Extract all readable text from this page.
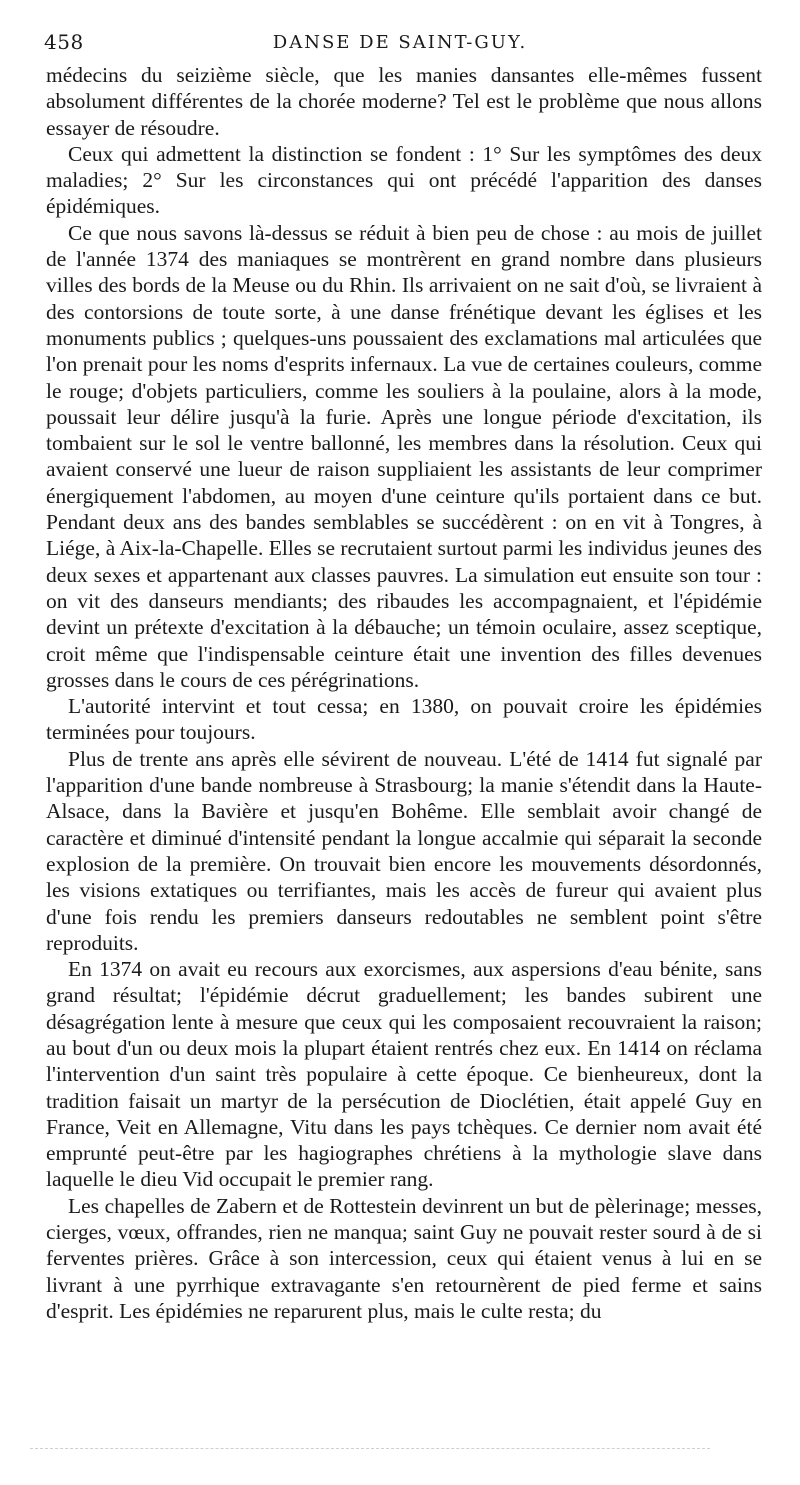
458	DANSE DE SAINT-GUY.

médecins du seizième siècle, que les manies dansantes elle-mêmes fussent absolument différentes de la chorée moderne? Tel est le problème que nous allons essayer de résoudre.

Ceux qui admettent la distinction se fondent : 1° Sur les symptômes des deux maladies; 2° Sur les circonstances qui ont précédé l'apparition des danses épidémiques.

Ce que nous savons là-dessus se réduit à bien peu de chose : au mois de juillet de l'année 1374 des maniaques se montrèrent en grand nombre dans plusieurs villes des bords de la Meuse ou du Rhin. Ils arrivaient on ne sait d'où, se livraient à des contorsions de toute sorte, à une danse frénétique devant les églises et les monuments publics ; quelques-uns poussaient des exclamations mal articulées que l'on prenait pour les noms d'esprits infernaux. La vue de certaines couleurs, comme le rouge; d'objets particuliers, comme les souliers à la poulaine, alors à la mode, poussait leur délire jusqu'à la furie. Après une longue période d'excitation, ils tombaient sur le sol le ventre ballonné, les membres dans la résolution. Ceux qui avaient conservé une lueur de raison suppliaient les assistants de leur comprimer énergiquement l'abdomen, au moyen d'une ceinture qu'ils portaient dans ce but. Pendant deux ans des bandes semblables se succédèrent : on en vit à Tongres, à Liége, à Aix-la-Chapelle. Elles se recrutaient surtout parmi les individus jeunes des deux sexes et appartenant aux classes pauvres. La simulation eut ensuite son tour : on vit des danseurs mendiants; des ribaudes les accompagnaient, et l'épidémie devint un prétexte d'excitation à la débauche; un témoin oculaire, assez sceptique, croit même que l'indispensable ceinture était une invention des filles devenues grosses dans le cours de ces pérégrinations.

L'autorité intervint et tout cessa; en 1380, on pouvait croire les épidémies terminées pour toujours.

Plus de trente ans après elle sévirent de nouveau. L'été de 1414 fut signalé par l'apparition d'une bande nombreuse à Strasbourg; la manie s'étendit dans la Haute-Alsace, dans la Bavière et jusqu'en Bohême. Elle semblait avoir changé de caractère et diminué d'intensité pendant la longue accalmie qui séparait la seconde explosion de la première. On trouvait bien encore les mouvements désordonnés, les visions extatiques ou terrifiantes, mais les accès de fureur qui avaient plus d'une fois rendu les premiers danseurs redoutables ne semblent point s'être reproduits.

En 1374 on avait eu recours aux exorcismes, aux aspersions d'eau bénite, sans grand résultat; l'épidémie décrut graduellement; les bandes subirent une désagrégation lente à mesure que ceux qui les composaient recouvraient la raison; au bout d'un ou deux mois la plupart étaient rentrés chez eux. En 1414 on réclama l'intervention d'un saint très populaire à cette époque. Ce bienheureux, dont la tradition faisait un martyr de la persécution de Dioclétien, était appelé Guy en France, Veit en Allemagne, Vitu dans les pays tchèques. Ce dernier nom avait été emprunté peut-être par les hagiographes chrétiens à la mythologie slave dans laquelle le dieu Vid occupait le premier rang.

Les chapelles de Zabern et de Rottestein devinrent un but de pèlerinage; messes, cierges, vœux, offrandes, rien ne manqua; saint Guy ne pouvait rester sourd à de si ferventes prières. Grâce à son intercession, ceux qui étaient venus à lui en se livrant à une pyrrhique extravagante s'en retournèrent de pied ferme et sains d'esprit. Les épidémies ne reparurent plus, mais le culte resta; du
